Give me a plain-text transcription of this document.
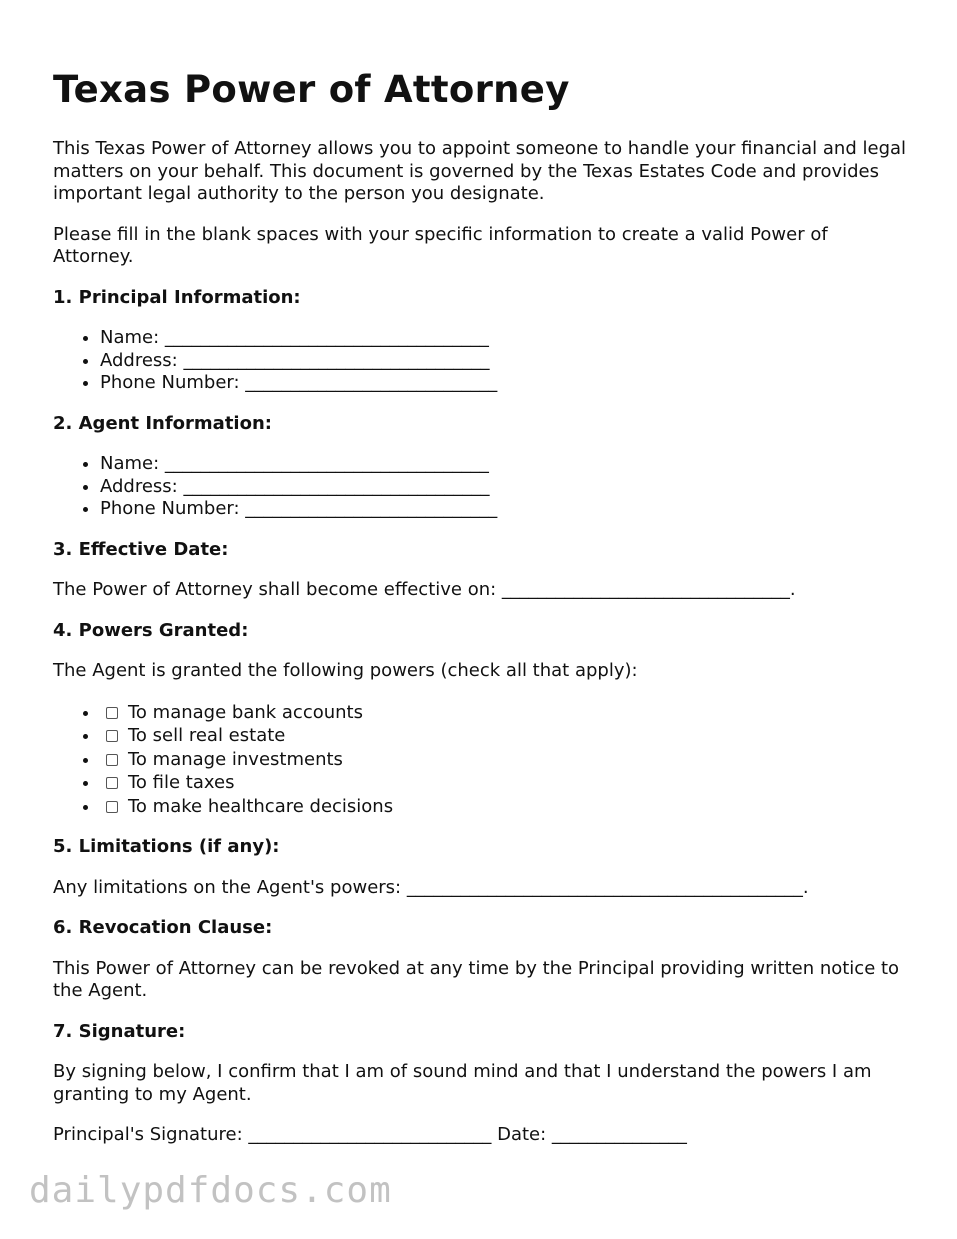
Texas Power of Attorney

This Texas Power of Attorney allows you to appoint someone to handle your financial and legal matters on your behalf. This document is governed by the Texas Estates Code and provides important legal authority to the person you designate.

Please fill in the blank spaces with your specific information to create a valid Power of Attorney.

1. Principal Information:
• Name: ____________________________________
• Address: __________________________________
• Phone Number: ____________________________
2. Agent Information:
• Name: ____________________________________
• Address: __________________________________
• Phone Number: ____________________________
3. Effective Date:

The Power of Attorney shall become effective on: ________________________________.

4. Powers Granted:

The Agent is granted the following powers (check all that apply):

• To manage bank accounts
• To sell real estate
• To manage investments
• To file taxes
• To make healthcare decisions
5. Limitations (if any):

Any limitations on the Agent's powers: ____________________________________________.

6. Revocation Clause:

This Power of Attorney can be revoked at any time by the Principal providing written notice to the Agent.

7. Signature:

By signing below, I confirm that I am of sound mind and that I understand the powers I am granting to my Agent.

Principal's Signature: ___________________________ Date: _______________

dailypdfdocs.com
